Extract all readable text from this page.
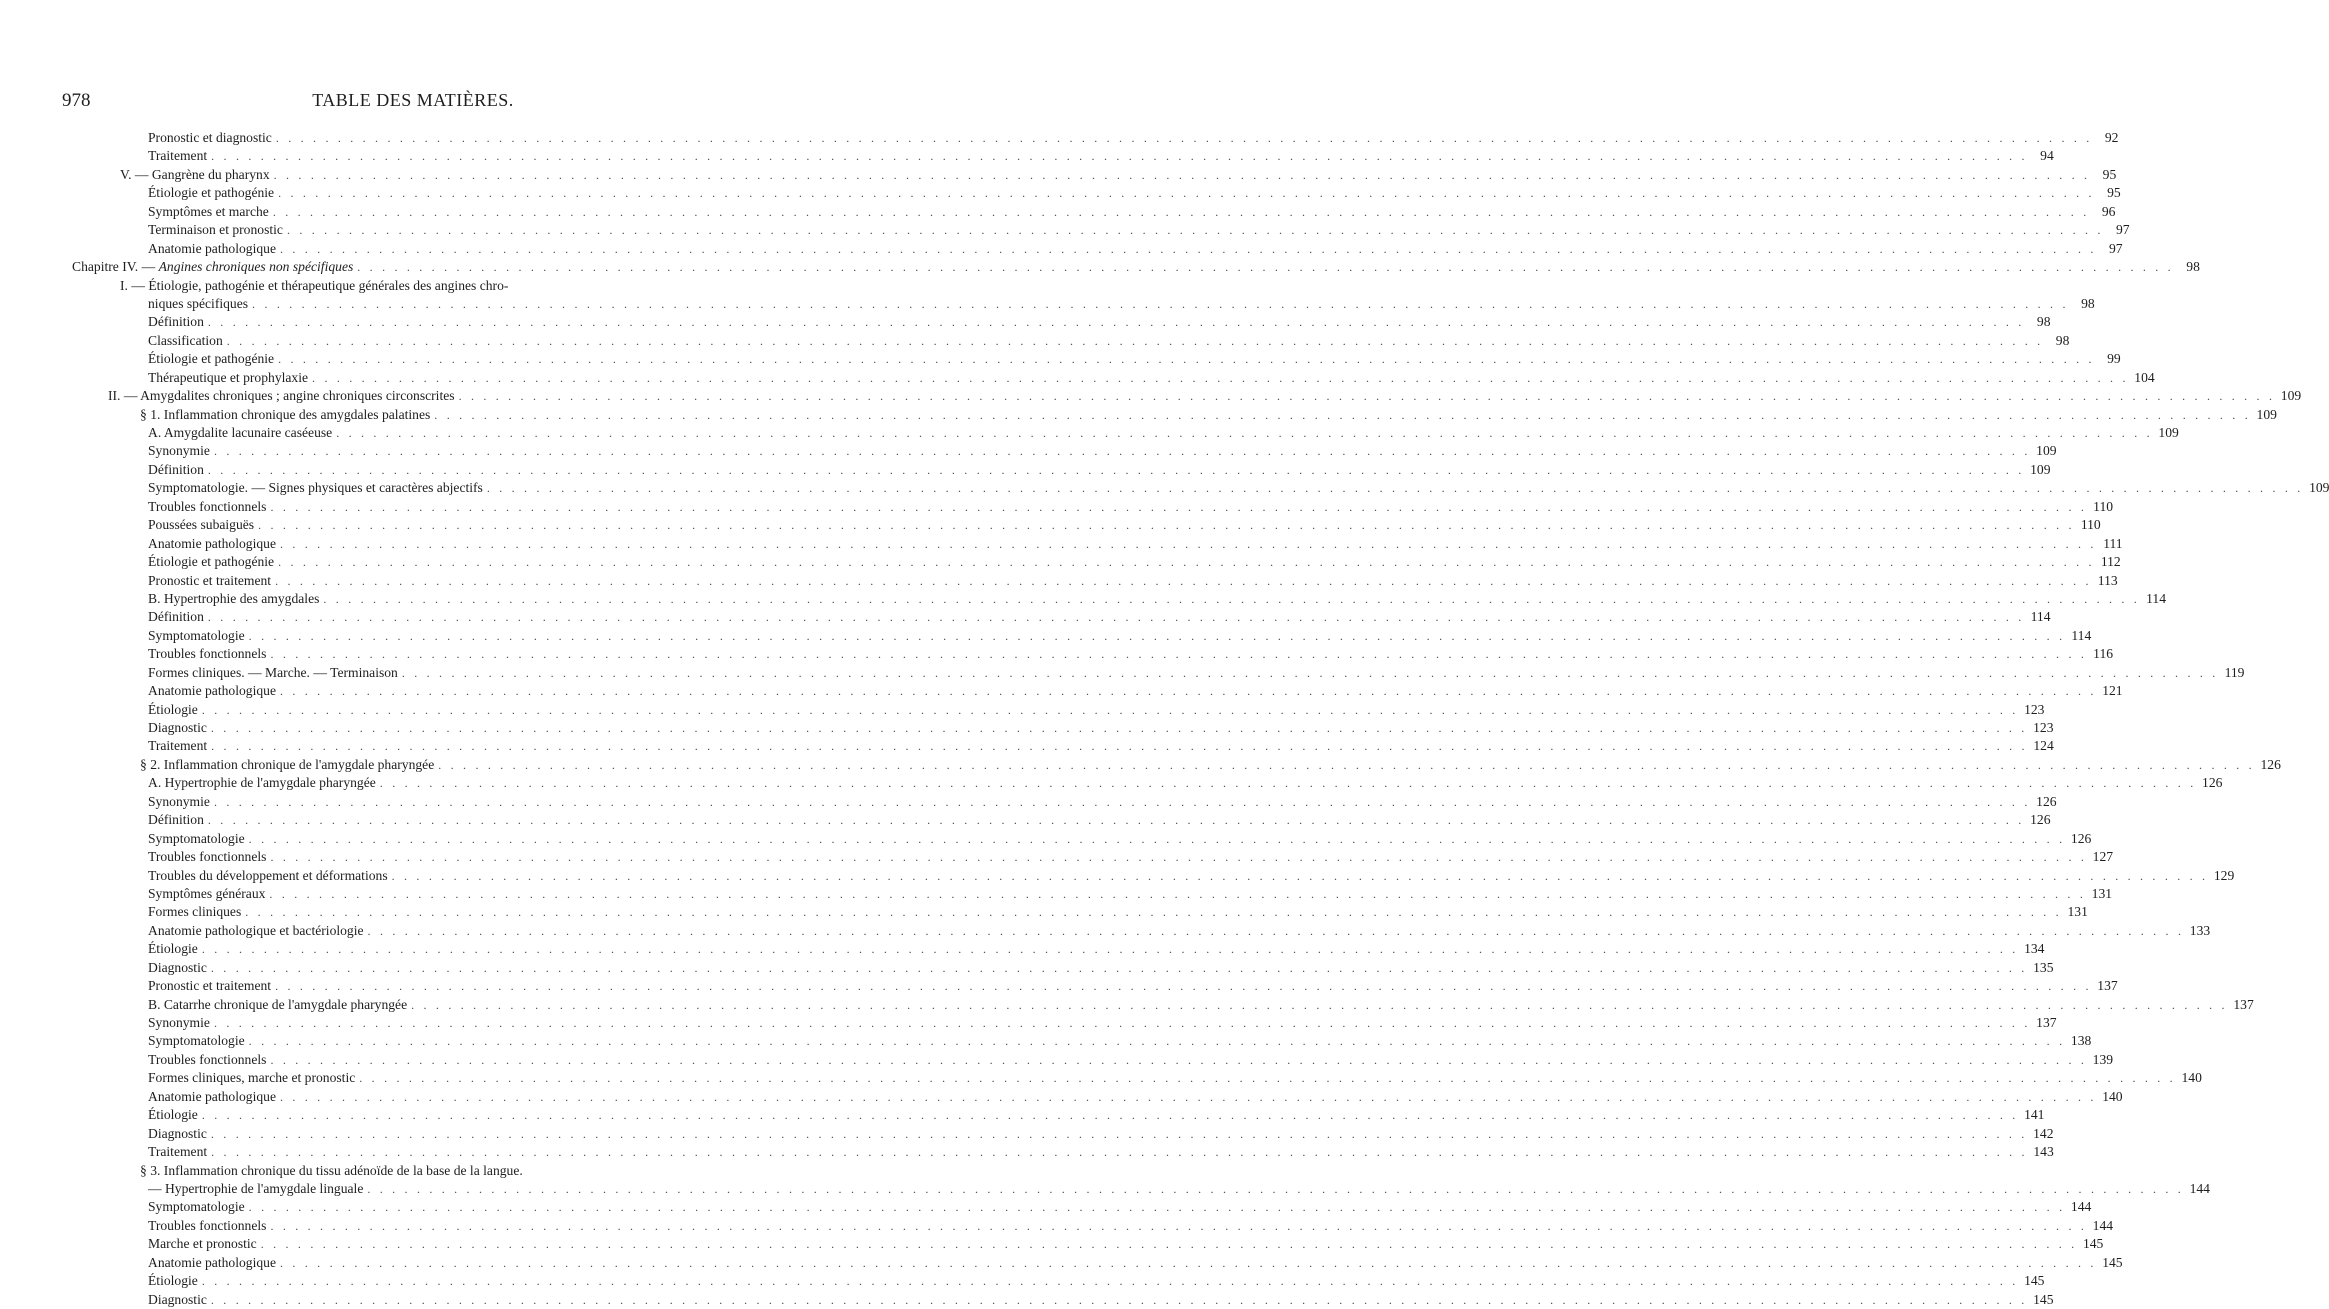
978	TABLE DES MATIÈRES.
Pronostic et diagnostic . . .	92
Traitement . . .	94
V. — Gangrène du pharynx . . .	95
Étiologie et pathogénie . . .	95
Symptômes et marche . . .	96
Terminaison et pronostic . . .	97
Anatomie pathologique . . .	97
Chapitre IV. — Angines chroniques non spécifiques . . .	98
I. — Étiologie, pathogénie et thérapeutique générales des angines chro-
niques spécifiques . . .	98
Définition . . .	98
Classification . . .	98
Étiologie et pathogénie . . .	99
Thérapeutique et prophylaxie . . .	104
II. — Amygdalites chroniques ; angine chroniques circonscrites . . .	109
§ 1. Inflammation chronique des amygdales palatines . . .	109
A. Amygdalite lacunaire caséeuse . . .	109
Synonymie . . .	109
Définition . . .	109
Symptomatologie. — Signes physiques et caractères abjectifs . . .	109
Troubles fonctionnels . . .	110
Poussées subaiguës . . .	110
Anatomie pathologique . . .	111
Étiologie et pathogénie . . .	112
Pronostic et traitement . . .	113
B. Hypertrophie des amygdales . . .	114
Définition . . .	114
Symptomatologie . . .	114
Troubles fonctionnels . . .	116
Formes cliniques. — Marche. — Terminaison . . .	119
Anatomie pathologique . . .	121
Étiologie . . .	123
Diagnostic . . .	123
Traitement . . .	124
§ 2. Inflammation chronique de l'amygdale pharyngée . . .	126
A. Hypertrophie de l'amygdale pharyngée . . .	126
Synonymie . . .	126
Définition . . .	126
Symptomatologie . . .	126
Troubles fonctionnels . . .	127
Troubles du développement et déformations . . .	129
Symptômes généraux . . .	131
Formes cliniques . . .	131
Anatomie pathologique et bactériologie . . .	133
Étiologie . . .	134
Diagnostic . . .	135
Pronostic et traitement . . .	137
B. Catarrhe chronique de l'amygdale pharyngée . . .	137
Synonymie . . .	137
Symptomatologie . . .	138
Troubles fonctionnels . . .	139
Formes cliniques, marche et pronostic . . .	140
Anatomie pathologique . . .	140
Étiologie . . .	141
Diagnostic . . .	142
Traitement . . .	143
§ 3. Inflammation chronique du tissu adénoïde de la base de la langue.
— Hypertrophie de l'amygdale linguale . . .	144
Symptomatologie . . .	144
Troubles fonctionnels . . .	144
Marche et pronostic . . .	145
Anatomie pathologique . . .	145
Étiologie . . .	145
Diagnostic . . .	145
